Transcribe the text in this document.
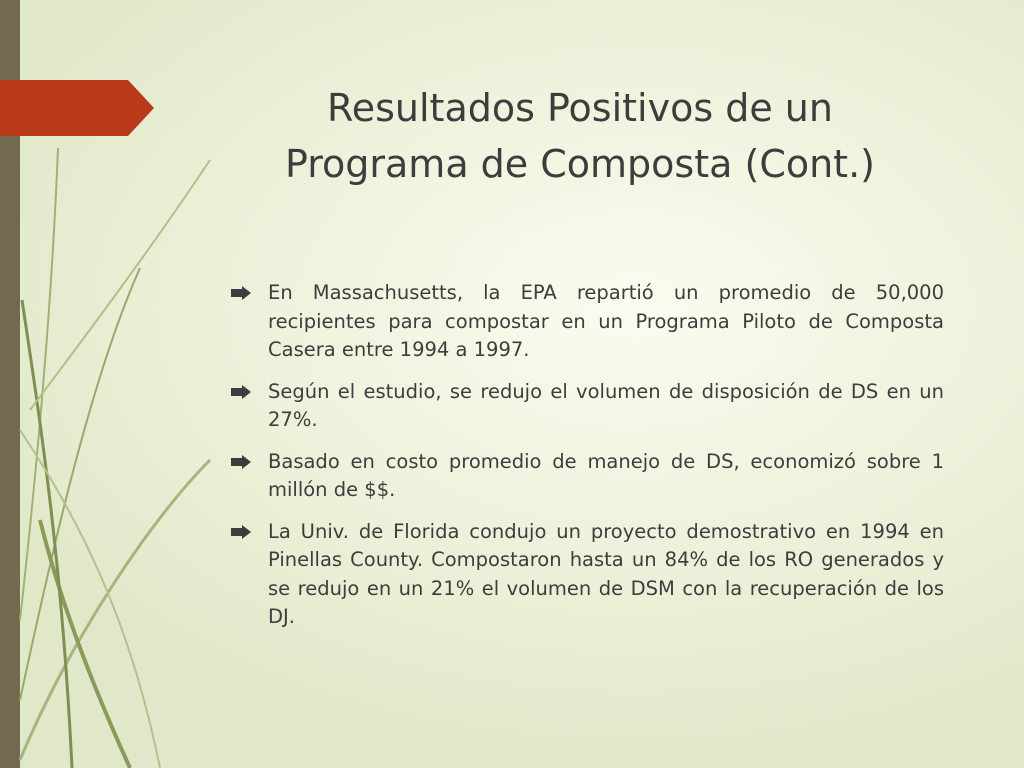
Resultados Positivos de un
Programa de Composta (Cont.)
En Massachusetts, la EPA repartió un promedio de 50,000 recipientes para compostar en un Programa Piloto de Composta Casera entre 1994 a 1997.
Según el estudio, se redujo el volumen de disposición de DS en un 27%.
Basado en costo promedio de manejo de DS, economizó sobre 1 millón de $$.
La Univ. de Florida condujo un proyecto demostrativo en 1994 en Pinellas County. Compostaron hasta un 84% de los RO generados y se redujo en un 21% el volumen de DSM con la recuperación de los DJ.
